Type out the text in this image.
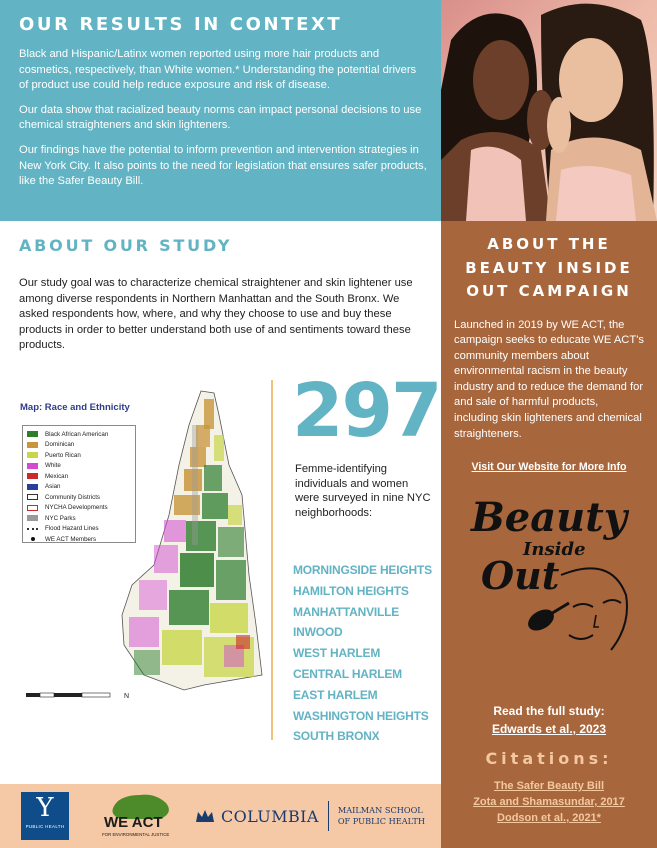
OUR RESULTS IN CONTEXT

Black and Hispanic/Latinx women reported using more hair products and cosmetics, respectively, than White women.* Understanding the potential drivers of product use could help reduce exposure and risk of disease.

Our data show that racialized beauty norms can impact personal decisions to use chemical straighteners and skin lighteners.

Our findings have the potential to inform prevention and intervention strategies in New York City. It also points to the need for legislation that ensures safer products, like the Safer Beauty Bill.

ABOUT OUR STUDY

Our study goal was to characterize chemical straightener and skin lightener use among diverse respondents in Northern Manhattan and the South Bronx. We asked respondents how, where, and why they choose to use and buy these products in order to better understand both use of and sentiments toward these products.

N
Map: Race and Ethnicity
Black African American
Dominican
Puerto Rican
White
Mexican
Asian
Community Districts
NYCHA Developments
NYC Parks
Flood Hazard Lines
WE ACT Members
297
Femme-identifying individuals and women were surveyed in nine NYC neighborhoods:
MORNINGSIDE HEIGHTS
HAMILTON HEIGHTS
MANHATTANVILLE
INWOOD
WEST HARLEM
CENTRAL HARLEM
EAST HARLEM
WASHINGTON HEIGHTS
SOUTH BRONX
ABOUT THE
BEAUTY INSIDE
OUT CAMPAIGN

Launched in 2019 by WE ACT, the campaign seeks to educate WE ACT's community members about environmental racism in the beauty industry and to reduce the demand for and sale of harmful products, including skin lighteners and chemical straighteners.

Visit Our Website for More Info
Beauty
Inside
Out
Read the full study:
Edwards et al., 2023
Citations:
The Safer Beauty Bill
Zota and Shamasundar, 2017
Dodson et al., 2021*
Y
PUBLIC HEALTH	WE ACT
FOR ENVIRONMENTAL JUSTICE
COLUMBIA MAILMAN SCHOOL
OF PUBLIC HEALTH
